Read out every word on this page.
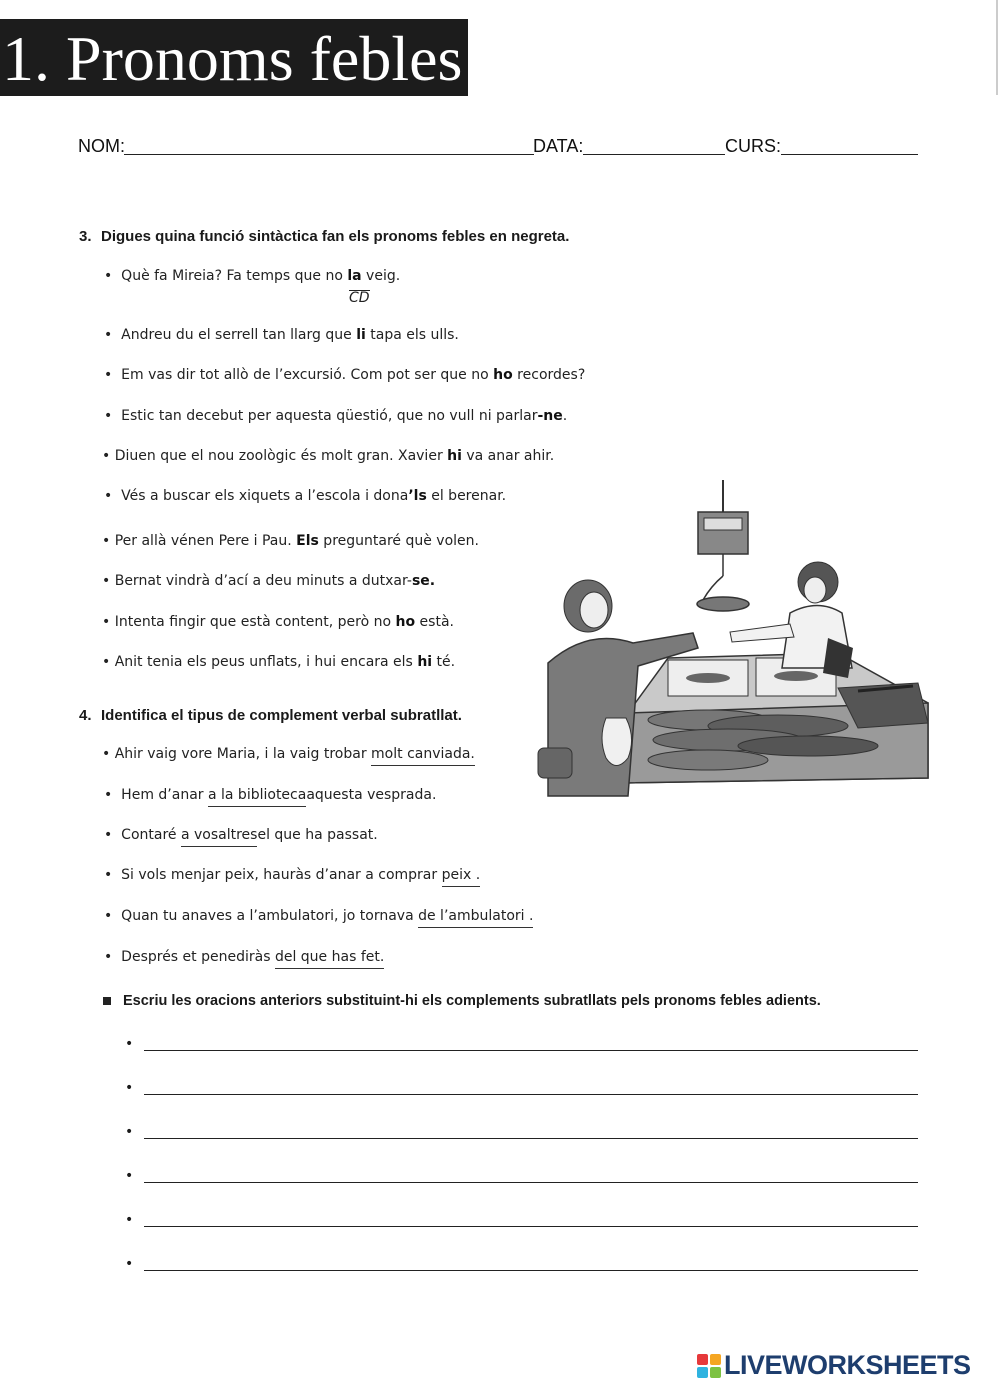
1. Pronoms febles
NOM:	DATA:	CURS:
3. Digues quina funció sintàctica fan els pronoms febles en negreta.
• Què fa Mireia? Fa temps que no la veig.
CD
• Andreu du el serrell tan llarg que li tapa els ulls.
• Em vas dir tot allò de l’excursió. Com pot ser que no ho recordes?
• Estic tan decebut per aquesta qüestió, que no vull ni parlar-ne.
• Diuen que el nou zoològic és molt gran. Xavier hi va anar ahir.
• Vés a buscar els xiquets a l’escola i dona’ls el berenar.
• Per allà vénen Pere i Pau. Els preguntaré què volen.
• Bernat vindrà d’ací a deu minuts a dutxar-se.
• Intenta fingir que està content, però no ho està.
• Anit tenia els peus unflats, i hui encara els hi té.
4. Identifica el tipus de complement verbal subratllat.
• Ahir vaig vore Maria, i la vaig trobar molt canviada.
• Hem d’anar a la bibliotecaaquesta vesprada.
• Contaré a vosaltresel que ha passat.
• Si vols menjar peix, hauràs d’anar a comprar peix .
• Quan tu anaves a l’ambulatori, jo tornava de l’ambulatori .
• Després et penediràs del que has fet.
Escriu les oracions anteriors substituint-hi els complements subratllats pels pronoms febles adients.
•
•
•
•
•
•
LIVEWORKSHEETS
